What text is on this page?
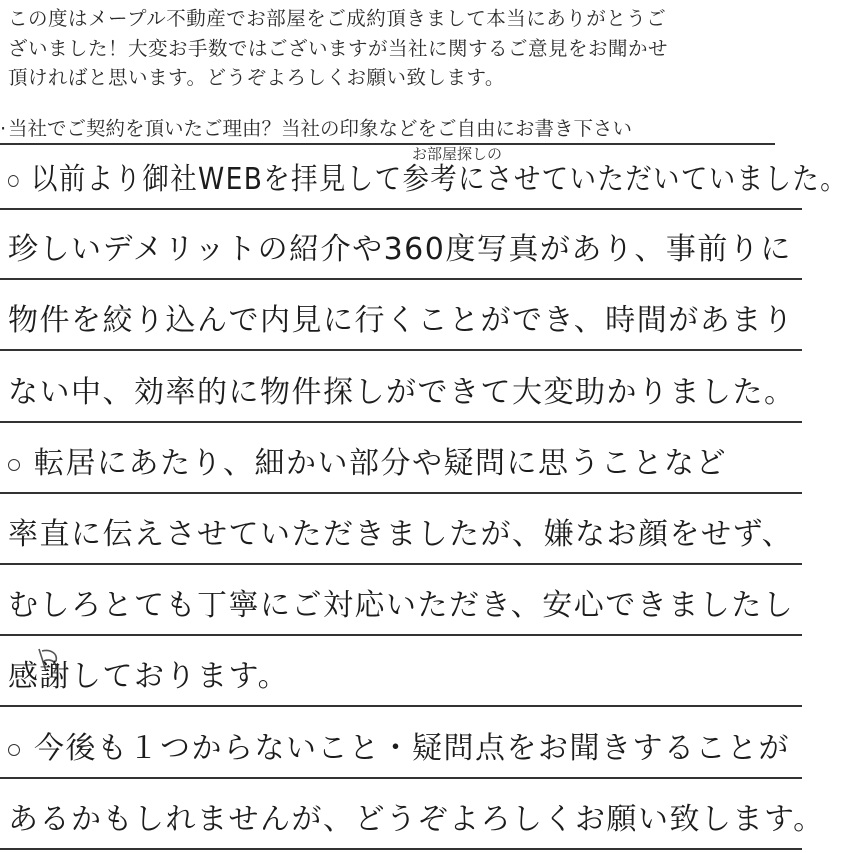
この度はメープル不動産でお部屋をご成約頂きまして本当にありがとうご
ざいました！大変お手数ではございますが当社に関するご意見をお聞かせ
頂ければと思います。どうぞよろしくお願い致します。
·当社でご契約を頂いたご理由？当社の印象などをご自由にお書き下さい
お部屋探しの
以前より御社WEBを拝見して参考にさせていただいていました。
珍しいデメリットの紹介や360度写真があり、事前りに
物件を絞り込んで内見に行くことができ、時間があまり
ない中、効率的に物件探しができて大変助かりました。
転居にあたり、細かい部分や疑問に思うことなど
率直に伝えさせていただきましたが、嫌なお顔をせず、
むしろとても丁寧にご対応いただき、安心できましたし
感謝しております。
今後も１つからないこと・疑問点をお聞きすることが
あるかもしれませんが、どうぞよろしくお願い致します。
